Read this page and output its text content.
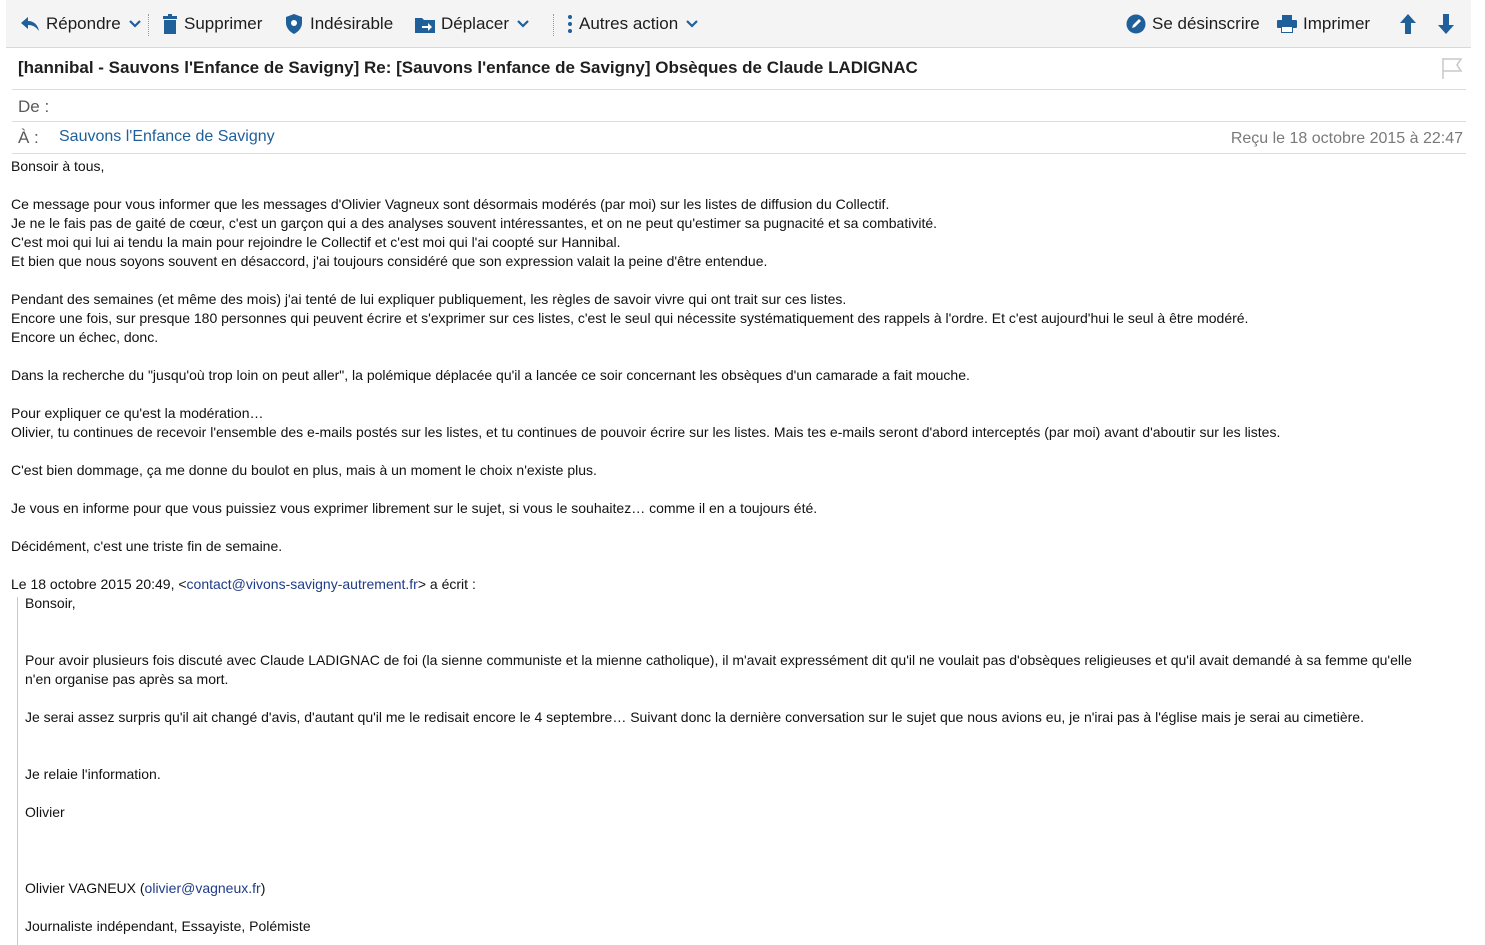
Répondre	Supprimer	Indésirable	Déplacer	Autres action	Se désinscrire	Imprimer
[hannibal - Sauvons l'Enfance de Savigny] Re: [Sauvons l'enfance de Savigny] Obsèques de Claude LADIGNAC
De :
À : Sauvons l'Enfance de Savigny	Reçu le 18 octobre 2015 à 22:47
Bonsoir à tous,
Ce message pour vous informer que les messages d'Olivier Vagneux sont désormais modérés (par moi) sur les listes de diffusion du Collectif.
Je ne le fais pas de gaité de cœur, c'est un garçon qui a des analyses souvent intéressantes, et on ne peut qu'estimer sa pugnacité et sa combativité.
C'est moi qui lui ai tendu la main pour rejoindre le Collectif et c'est moi qui l'ai coopté sur Hannibal.
Et bien que nous soyons souvent en désaccord, j'ai toujours considéré que son expression valait la peine d'être entendue.
Pendant des semaines (et même des mois) j'ai tenté de lui expliquer publiquement, les règles de savoir vivre qui ont trait sur ces listes.
Encore une fois, sur presque 180 personnes qui peuvent écrire et s'exprimer sur ces listes, c'est le seul qui nécessite systématiquement des rappels à l'ordre. Et c'est aujourd'hui le seul à être modéré.
Encore un échec, donc.
Dans la recherche du "jusqu'où trop loin on peut aller", la polémique déplacée qu'il a lancée ce soir concernant les obsèques d'un camarade a fait mouche.
Pour expliquer ce qu'est la modération…
Olivier, tu continues de recevoir l'ensemble des e-mails postés sur les listes, et tu continues de pouvoir écrire sur les listes. Mais tes e-mails seront d'abord interceptés (par moi) avant d'aboutir sur les listes.
C'est bien dommage, ça me donne du boulot en plus, mais à un moment le choix n'existe plus.
Je vous en informe pour que vous puissiez vous exprimer librement sur le sujet, si vous le souhaitez… comme il en a toujours été.
Décidément, c'est une triste fin de semaine.
Le 18 octobre 2015 20:49, <contact@vivons-savigny-autrement.fr> a écrit :
Bonsoir,
Pour avoir plusieurs fois discuté avec Claude LADIGNAC de foi (la sienne communiste et la mienne catholique), il m'avait expressément dit qu'il ne voulait pas d'obsèques religieuses et qu'il avait demandé à sa femme qu'elle
n'en organise pas après sa mort.
Je serai assez surpris qu'il ait changé d'avis, d'autant qu'il me le redisait encore le 4 septembre… Suivant donc la dernière conversation sur le sujet que nous avions eu, je n'irai pas à l'église mais je serai au cimetière.
Je relaie l'information.
Olivier
Olivier VAGNEUX (olivier@vagneux.fr)
Journaliste indépendant, Essayiste, Polémiste
